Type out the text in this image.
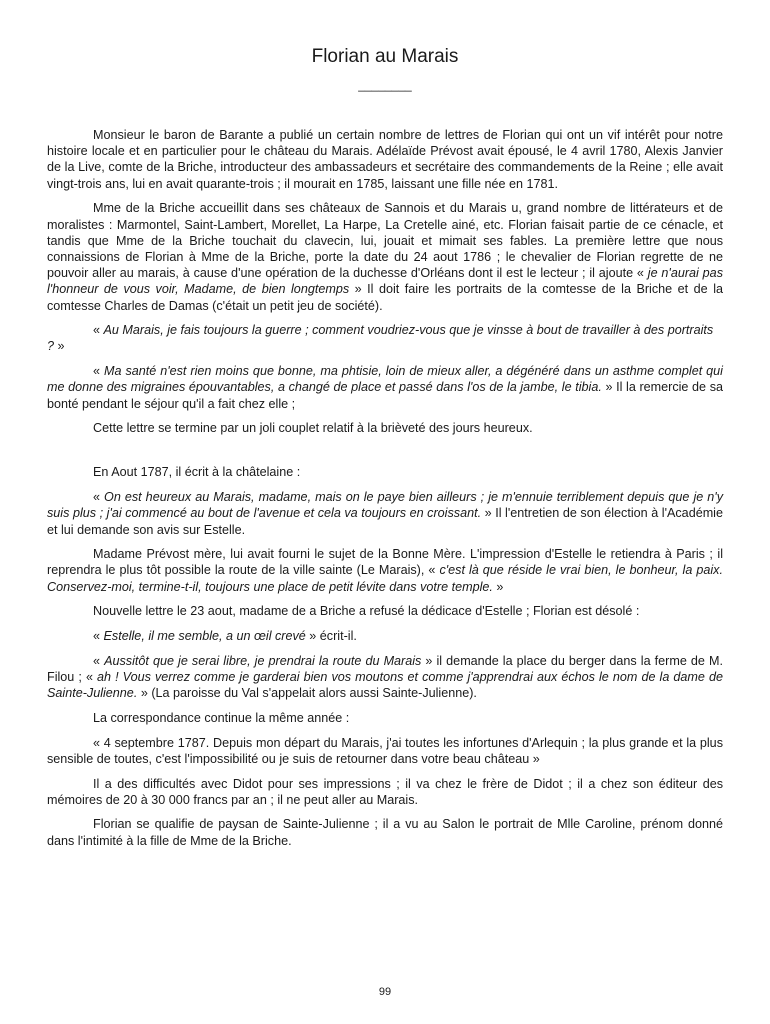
Florian au Marais
________

Monsieur le baron de Barante a publié un certain nombre de lettres de Florian qui ont un vif intérêt pour notre histoire locale et en particulier pour le château du Marais. Adélaïde Prévost avait épousé, le 4 avril 1780, Alexis Janvier de la Live, comte de la Briche, introducteur des ambassadeurs et secrétaire des commandements de la Reine ; elle avait vingt-trois ans, lui en avait quarante-trois ; il mourait en 1785, laissant une fille née en 1781.

Mme de la Briche accueillit dans ses châteaux de Sannois et du Marais u, grand nombre de littérateurs et de moralistes : Marmontel, Saint-Lambert, Morellet, La Harpe, La Cretelle ainé, etc. Florian faisait partie de ce cénacle, et tandis que Mme de la Briche touchait du clavecin, lui, jouait et mimait ses fables. La première lettre que nous connaissions de Florian à Mme de la Briche, porte la date du 24 aout 1786 ; le chevalier de Florian regrette de ne pouvoir aller au marais, à cause d'une opération de la duchesse d'Orléans dont il est le lecteur ; il ajoute « je n'aurai pas l'honneur de vous voir, Madame, de bien longtemps » Il doit faire les portraits de la comtesse de la Briche et de la comtesse Charles de Damas (c'était un petit jeu de société).

« Au Marais, je fais toujours la guerre ; comment voudriez-vous que je vinsse à bout de travailler à des portraits ? »

« Ma santé n'est rien moins que bonne, ma phtisie, loin de mieux aller, a dégénéré dans un asthme complet qui me donne des migraines épouvantables, a changé de place et passé dans l'os de la jambe, le tibia. » Il la remercie de sa bonté pendant le séjour qu'il a fait chez elle ;

Cette lettre se termine par un joli couplet relatif à la brièveté des jours heureux.

En Aout 1787, il écrit à la châtelaine :

« On est heureux au Marais, madame, mais on le paye bien ailleurs ; je m'ennuie terriblement depuis que je n'y suis plus ; j'ai commencé au bout de l'avenue et cela va toujours en croissant. » Il l'entretien de son élection à l'Académie et lui demande son avis sur Estelle.

Madame Prévost mère, lui avait fourni le sujet de la Bonne Mère. L'impression d'Estelle le retiendra à Paris ; il reprendra le plus tôt possible la route de la ville sainte (Le Marais), « c'est là que réside le vrai bien, le bonheur, la paix. Conservez-moi, termine-t-il, toujours une place de petit lévite dans votre temple. »

Nouvelle lettre le 23 aout, madame de a Briche a refusé la dédicace d'Estelle ; Florian est désolé :

« Estelle, il me semble, a un œil crevé » écrit-il.

« Aussitôt que je serai libre, je prendrai la route du Marais » il demande la place du berger dans la ferme de M. Filou ; « ah ! Vous verrez comme je garderai bien vos moutons et comme j'apprendrai aux échos le nom de la dame de Sainte-Julienne. » (La paroisse du Val s'appelait alors aussi Sainte-Julienne).

La correspondance continue la même année :

« 4 septembre 1787. Depuis mon départ du Marais, j'ai toutes les infortunes d'Arlequin ; la plus grande et la plus sensible de toutes, c'est l'impossibilité ou je suis de retourner dans votre beau château »

Il a des difficultés avec Didot pour ses impressions ; il va chez le frère de Didot ; il a chez son éditeur des mémoires de 20 à 30 000 francs par an ; il ne peut aller au Marais.

Florian se qualifie de paysan de Sainte-Julienne ; il a vu au Salon le portrait de Mlle Caroline, prénom donné dans l'intimité à la fille de Mme de la Briche.

99
